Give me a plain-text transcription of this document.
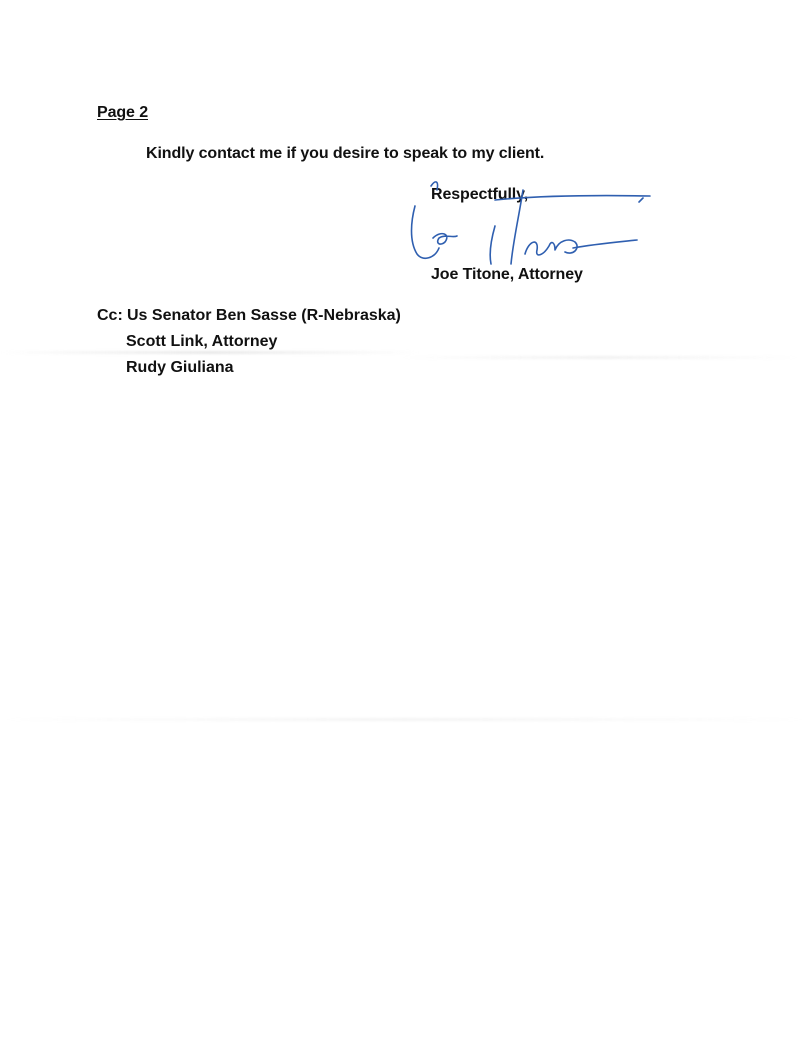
Page 2
Kindly contact me if you desire to speak to my client.
Respectfully,
Joe Titone, Attorney
Cc: Us Senator Ben Sasse (R-Nebraska)
Scott Link, Attorney
Rudy Giuliana
